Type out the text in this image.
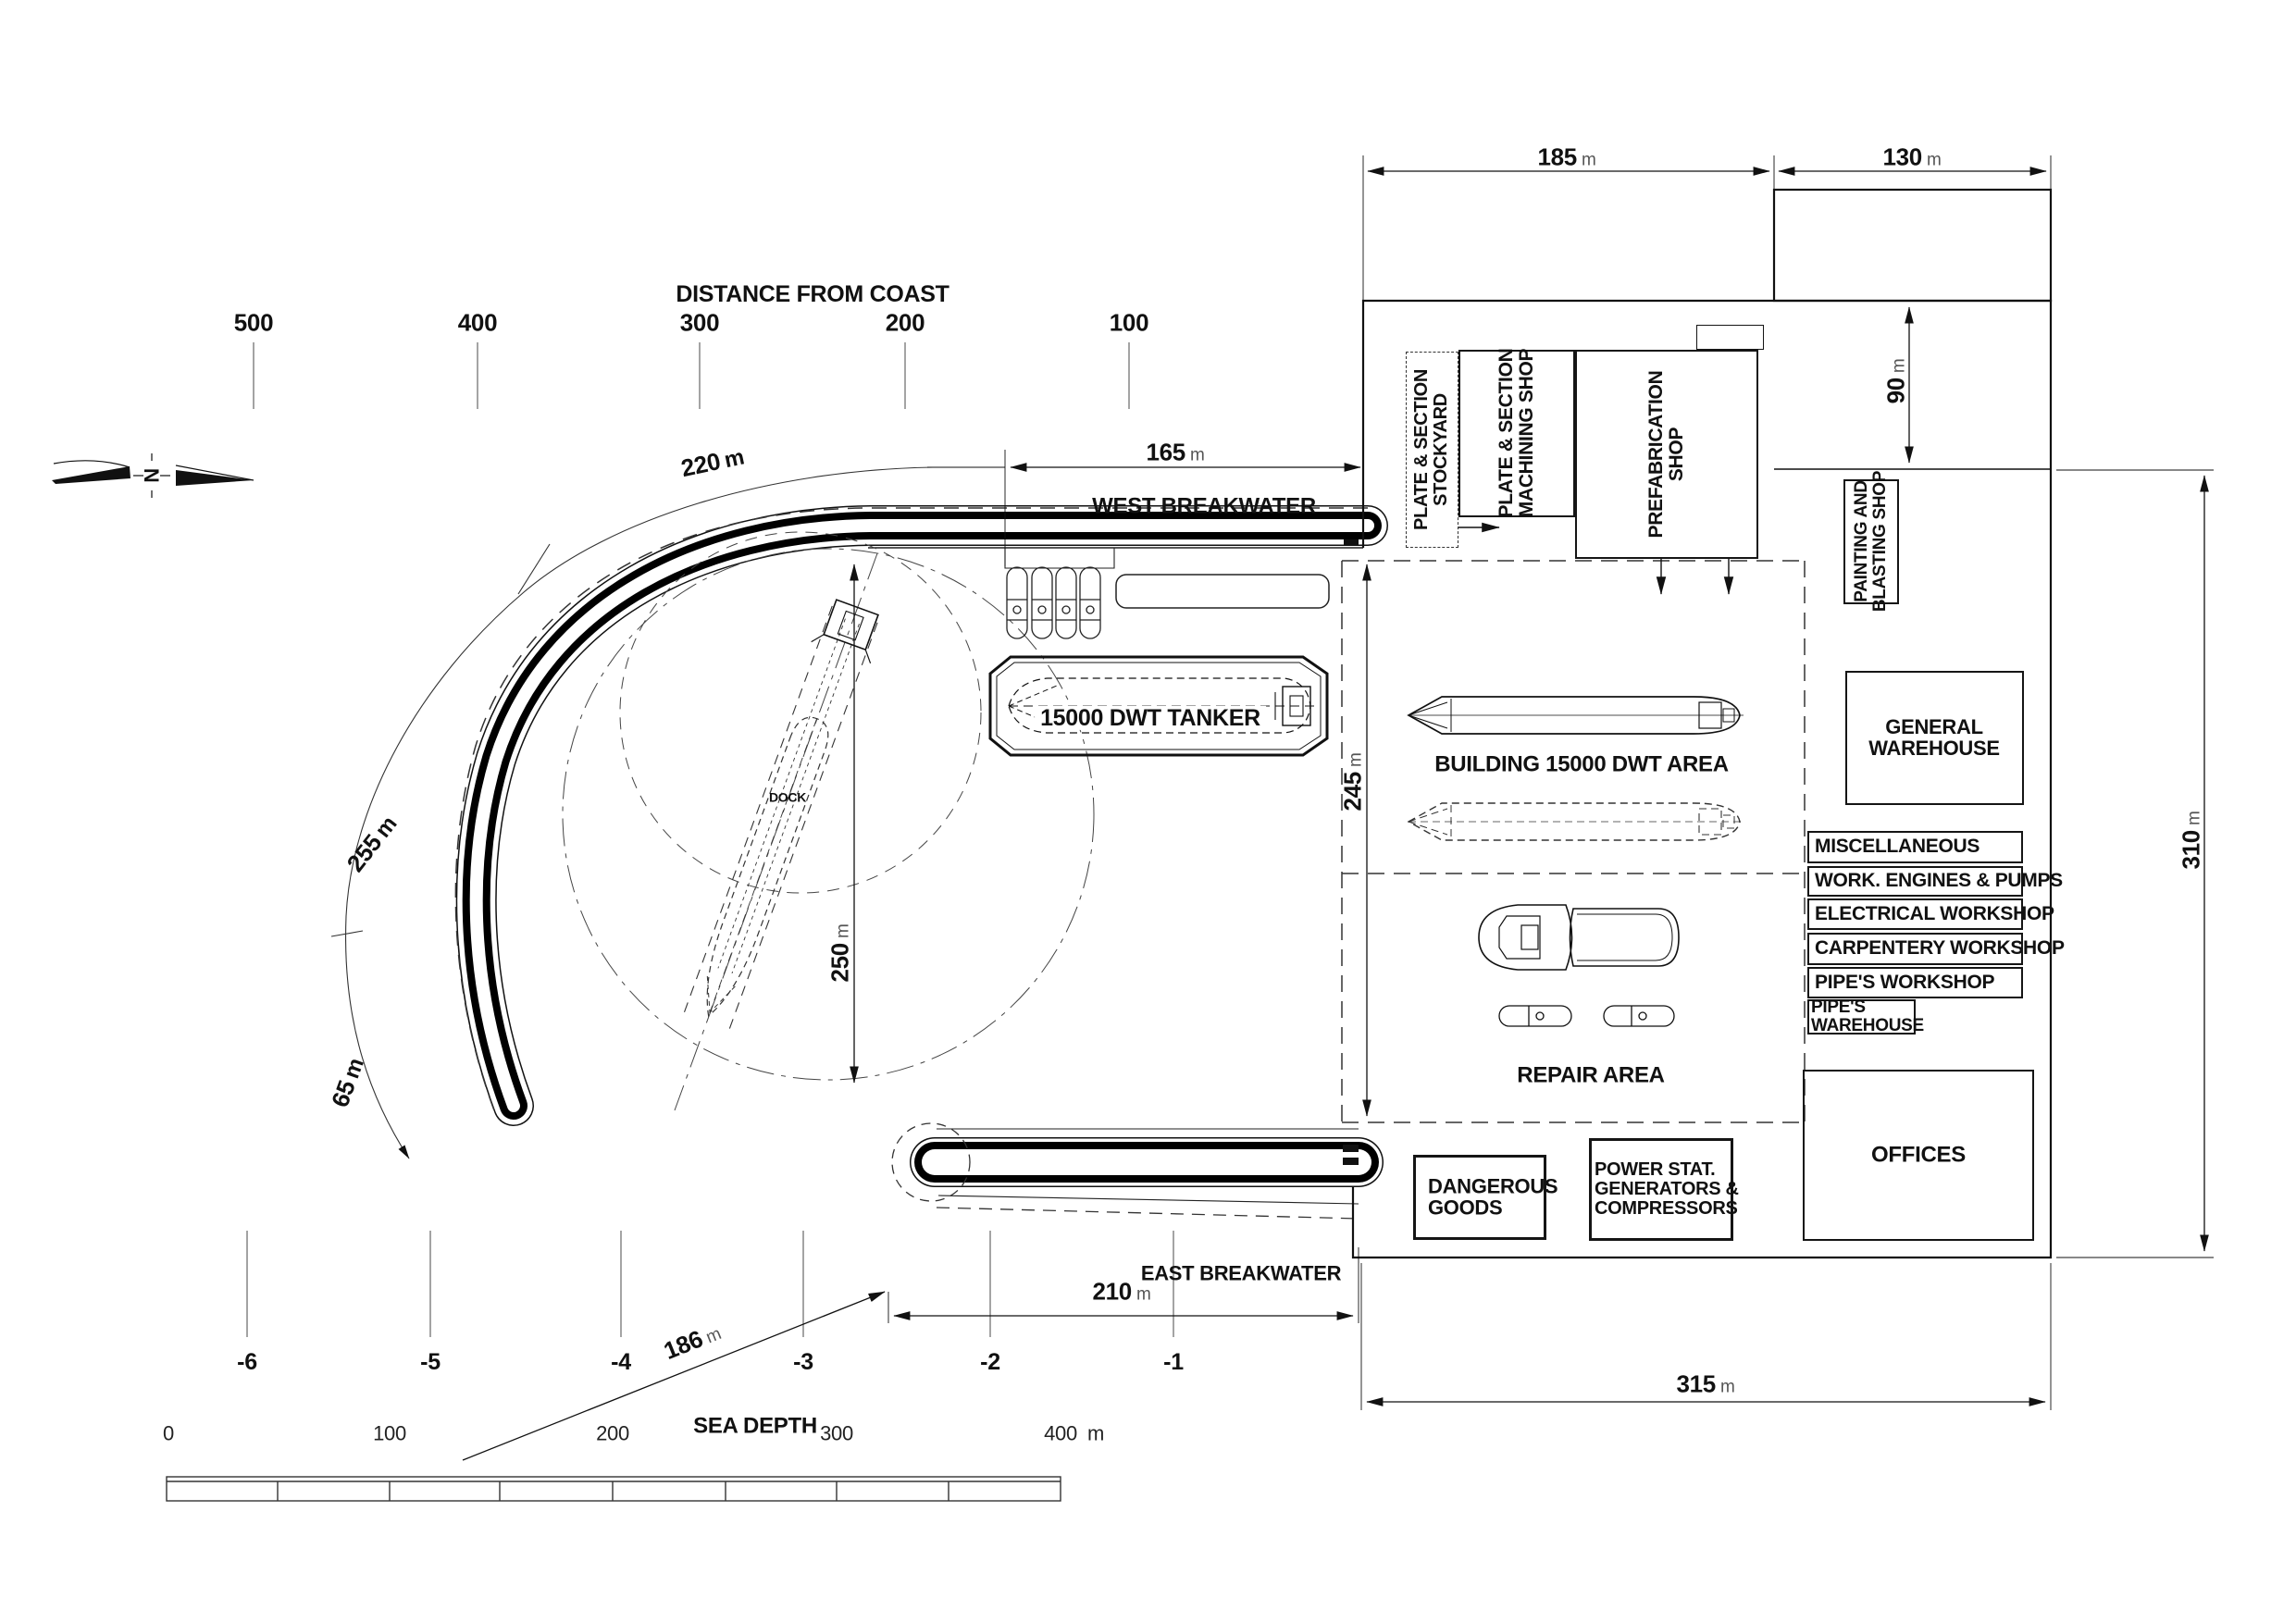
DISTANCE FROM COAST
500	400	300	200	100
-6	-5	-4	-3	-2	-1
SEA DEPTH
0	100	200	300	400 m
N
WEST BREAKWATER
EAST BREAKWATER
15000 DWT TANKER
DOCK
BUILDING 15000 DWT AREA
REPAIR AREA
PLATE & SECTION STOCKYARD PLATE & SECTION MACHINING SHOP	PREFABRICATION SHOP
PAINTING AND
BLASTING SHOP
GENERAL
WAREHOUSE
MISCELLANEOUS
WORK. ENGINES & PUMPS
ELECTRICAL WORKSHOP
CARPENTERY WORKSHOP
PIPE'S WORKSHOP
PIPE'S
WAREHOUSE
OFFICES
DANGEROUS
GOODS
POWER STAT.
GENERATORS &
COMPRESSORS
185 m	130 m
90m
310m
315 m
245m
250m
165 m
210 m
220m
255m
65m
186m
